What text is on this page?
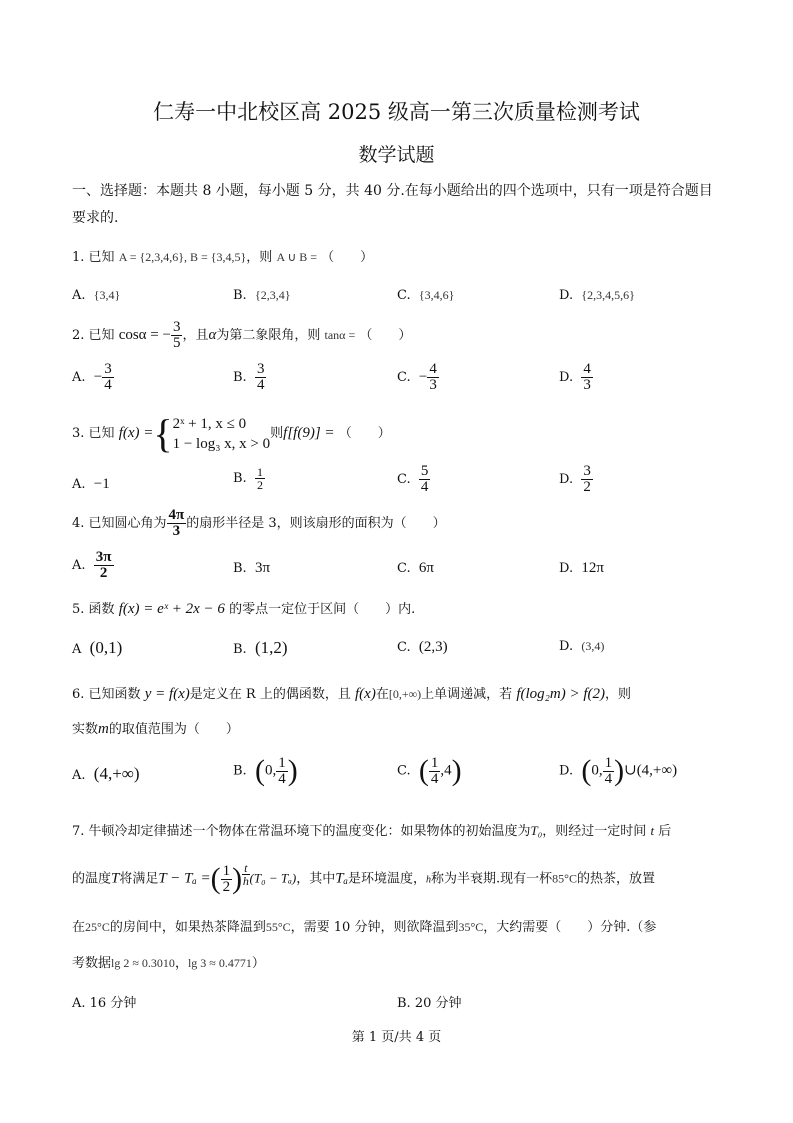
仁寿一中北校区高 2025 级高一第三次质量检测考试
数学试题
一、选择题：本题共 8 小题，每小题 5 分，共 40 分.在每小题给出的四个选项中，只有一项是符合题目要求的.
1. 已知 A = {2,3,4,6}, B = {3,4,5}，则 A ∪ B = （　　）
A. {3,4}	B. {2,3,4}	C. {3,4,6}	D. {2,3,4,5,6}
2. 已知 cosα = − $\frac{3}{5}$ ，且α为第二象限角，则 tanα = （　　）
A. − $\frac{3}{4}$	B. $\frac{3}{4}$	C. − $\frac{4}{3}$	D. $\frac{4}{3}$
3. 已知 f(x) ={ 2ˣ + 1, x ≤ 0
1 − log₃ x, x > 0
则f[f(9)] = （　　）
A. −1	B. $\frac{1}{2}$	C. $\frac{5}{4}$	D. $\frac{3}{2}$
4. 已知圆心角为 $\frac{4\pi}{3}$ 的扇形半径是 3，则该扇形的面积为（　　）
A. $\frac{3\pi}{2}$	B. 3π	C. 6π	D. 12π
5. 函数 f(x) = eˣ + 2x − 6 的零点一定位于区间（　　）内.
A (0,1)	B. (1,2)	C. (2,3)	D. (3,4)
6. 已知函数 y = f(x)是定义在 R 上的偶函数，且 f(x)在[0,+∞)上单调递减，若 f(log₂m) > f(2)，则
实数m的取值范围为（　　）
A. (4,+∞)	B. (0, $\frac{1}{4}$ )	C. ( $\frac{1}{4} ,4$)	D. (0, $\frac{1}{4}$ )∪(4,+∞)
7. 牛顿冷却定律描述一个物体在常温环境下的温度变化：如果物体的初始温度为T₀，则经过一定时间 t 后
的温度T将满足T − Tₐ =( $\frac{1}{2}$ ) $^{\frac{t}{h}}$ (T₀ − Tₐ)，其中Tₐ是环境温度，h称为半衰期.现有一杯85°C的热茶，放置
在25°C的房间中，如果热茶降温到55°C，需要 10 分钟，则欲降温到35°C，大约需要（　　）分钟.（参
考数据lg 2 ≈ 0.3010，lg 3 ≈ 0.4771）
A. 16 分钟	B. 20 分钟
第 1 页/共 4 页
